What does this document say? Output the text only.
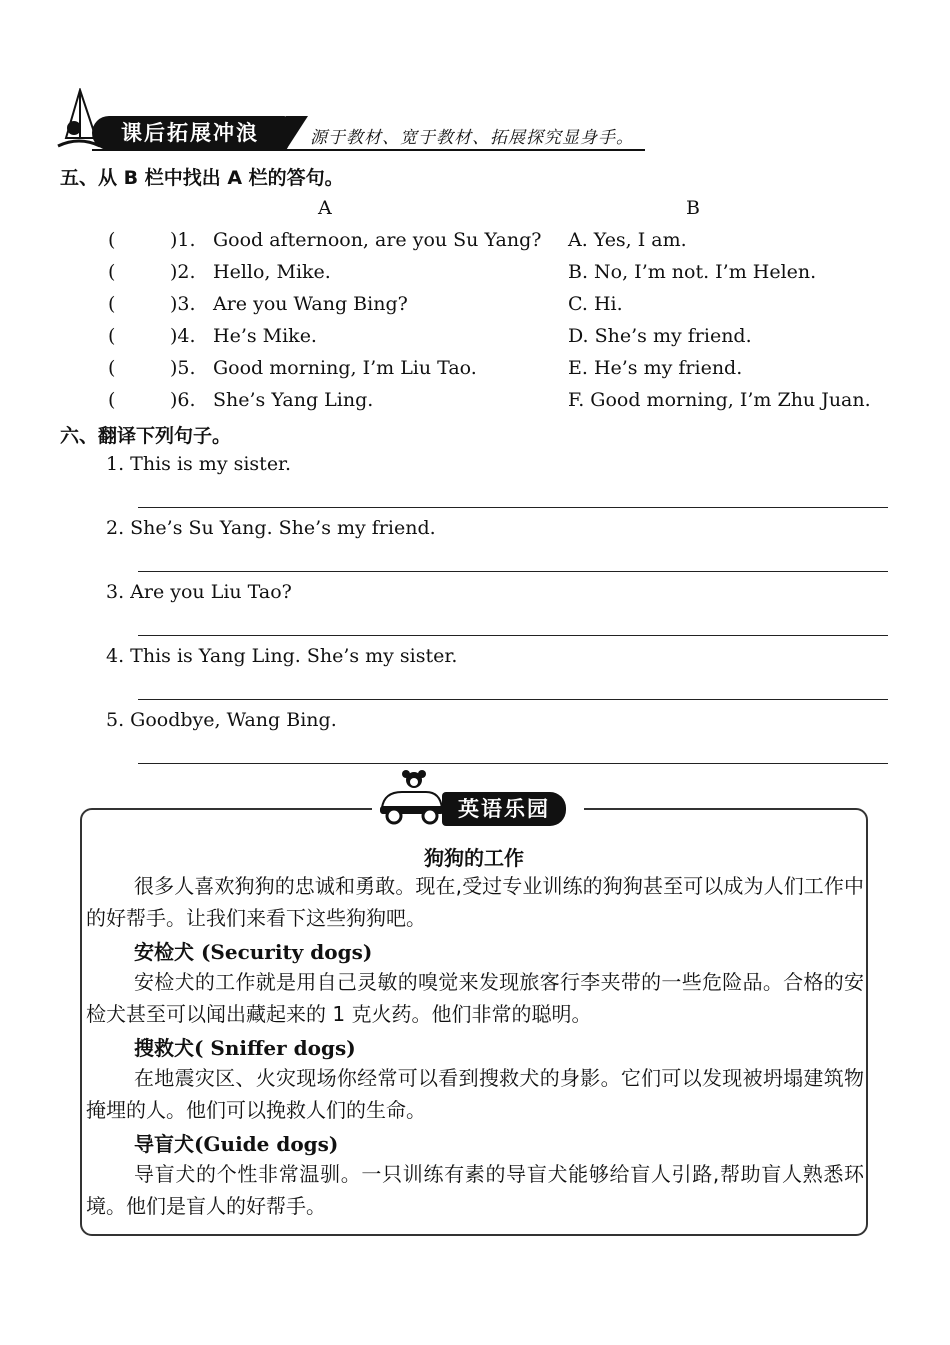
课后拓展冲浪	源于教材、宽于教材、拓展探究显身手。
五、从 B 栏中找出 A 栏的答句。
A	B
(	)1. Good afternoon, are you Su Yang? A. Yes, I am.
(	)2. Hello, Mike.	B. No, I’m not. I’m Helen.
(	)3. Are you Wang Bing?	C. Hi.
(	)4. He’s Mike.	D. She’s my friend.
(	)5. Good morning, I’m Liu Tao.	E. He’s my friend.
(	)6. She’s Yang Ling.	F. Good morning, I’m Zhu Juan.
六、翻译下列句子。
1. This is my sister.
2. She’s Su Yang. She’s my friend.
3. Are you Liu Tao?
4. This is Yang Ling. She’s my sister.
5. Goodbye, Wang Bing.
英语乐园
狗狗的工作
很多人喜欢狗狗的忠诚和勇敢。现在,受过专业训练的狗狗甚至可以成为人们工作中的好帮手。让我们来看下这些狗狗吧。
安检犬 (Security dogs)
安检犬的工作就是用自己灵敏的嗅觉来发现旅客行李夹带的一些危险品。合格的安检犬甚至可以闻出藏起来的 1 克火药。他们非常的聪明。
搜救犬( Sniffer dogs)
在地震灾区、火灾现场你经常可以看到搜救犬的身影。它们可以发现被坍塌建筑物掩埋的人。他们可以挽救人们的生命。
导盲犬(Guide dogs)
导盲犬的个性非常温驯。一只训练有素的导盲犬能够给盲人引路,帮助盲人熟悉环境。他们是盲人的好帮手。
